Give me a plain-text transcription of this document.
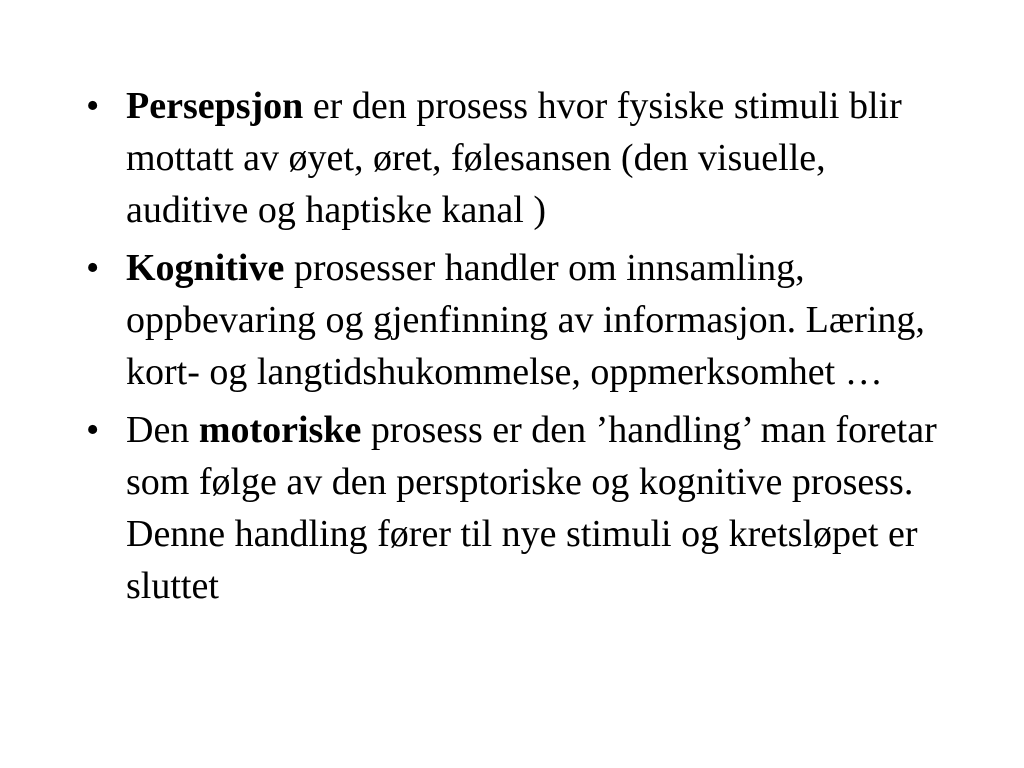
• Persepsjon er den prosess hvor fysiske stimuli blir mottatt av øyet, øret, følesansen (den visuelle, auditive og haptiske kanal )
• Kognitive prosesser handler om innsamling, oppbevaring og gjenfinning av informasjon. Læring, kort- og langtidshukommelse, oppmerksomhet …
• Den motoriske prosess er den ’handling’ man foretar som følge av den persptoriske og kognitive prosess. Denne handling fører til nye stimuli og kretsløpet er sluttet
